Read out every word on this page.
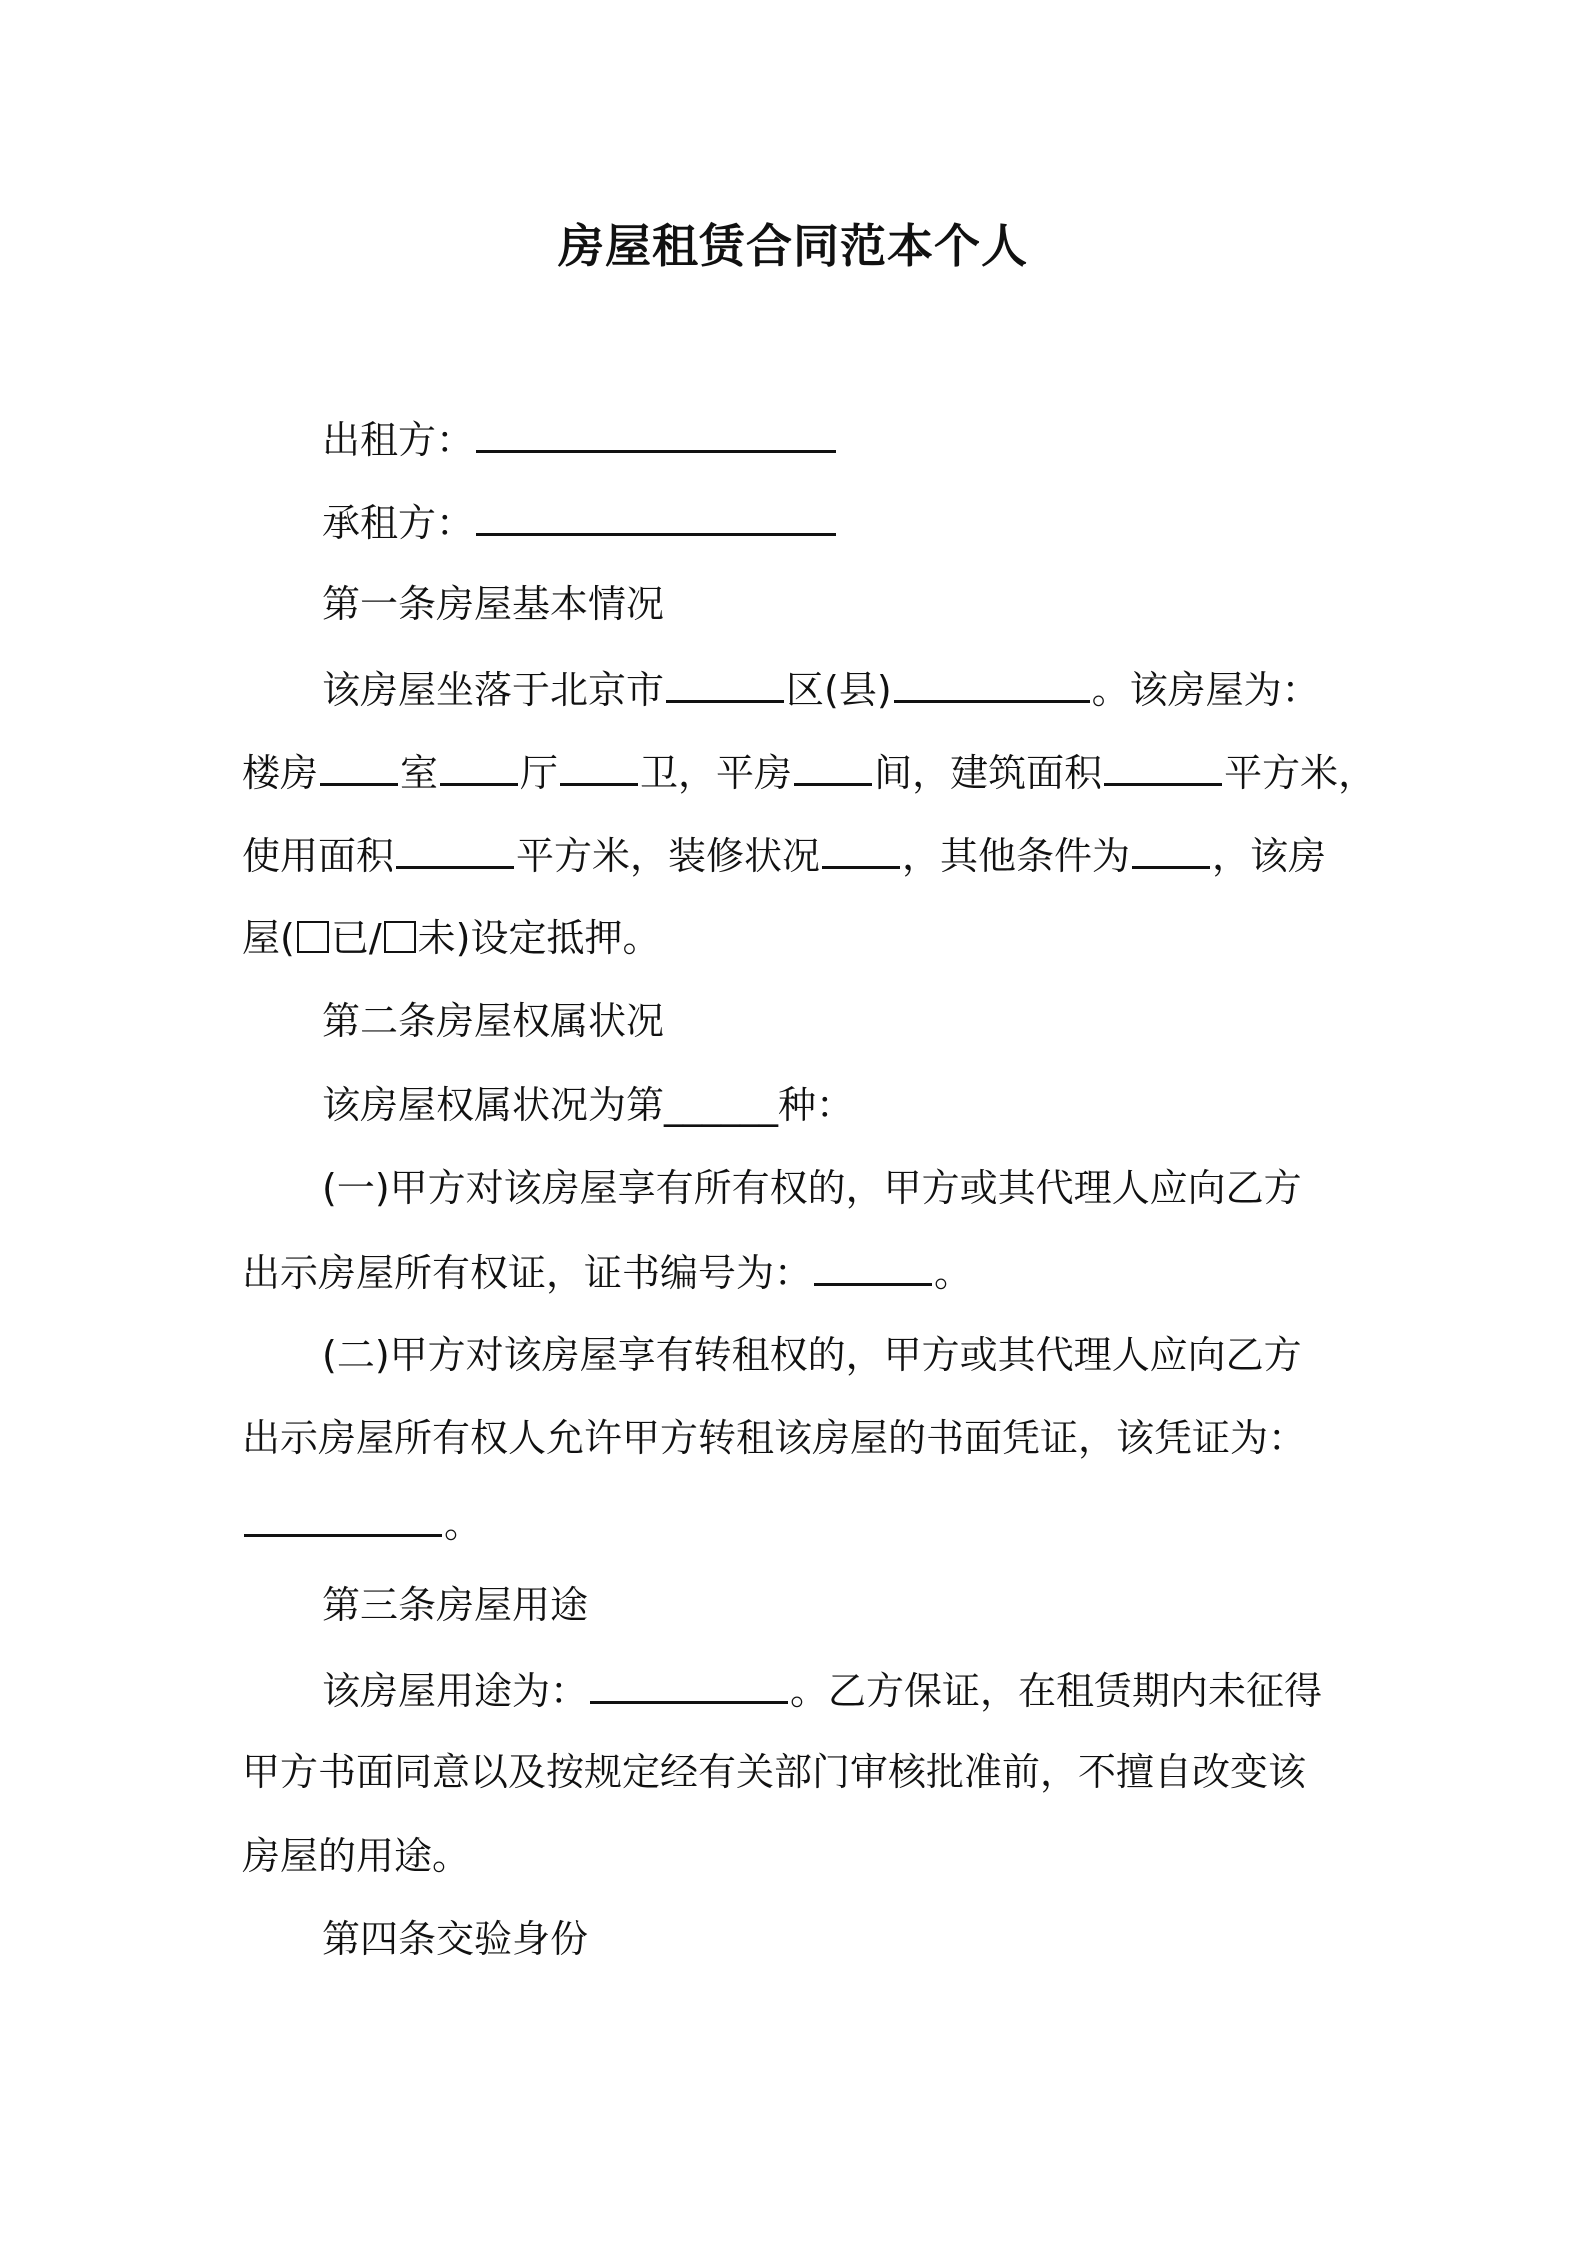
房屋租赁合同范本个人
出租方：
承租方：
第一条房屋基本情况
该房屋坐落于北京市	区(县)	。该房屋为：
楼房 室 厅 卫，平房 间，建筑面积	平方米，
使用面积	平方米，装修状况 ，其他条件为 ，该房
屋( 已/ 未)设定抵押。
第二条房屋权属状况
该房屋权属状况为第______种：
(一)甲方对该房屋享有所有权的，甲方或其代理人应向乙方
出示房屋所有权证，证书编号为：	。
(二)甲方对该房屋享有转租权的，甲方或其代理人应向乙方
出示房屋所有权人允许甲方转租该房屋的书面凭证，该凭证为：
。
第三条房屋用途
该房屋用途为：	。乙方保证，在租赁期内未征得
甲方书面同意以及按规定经有关部门审核批准前，不擅自改变该
房屋的用途。
第四条交验身份
